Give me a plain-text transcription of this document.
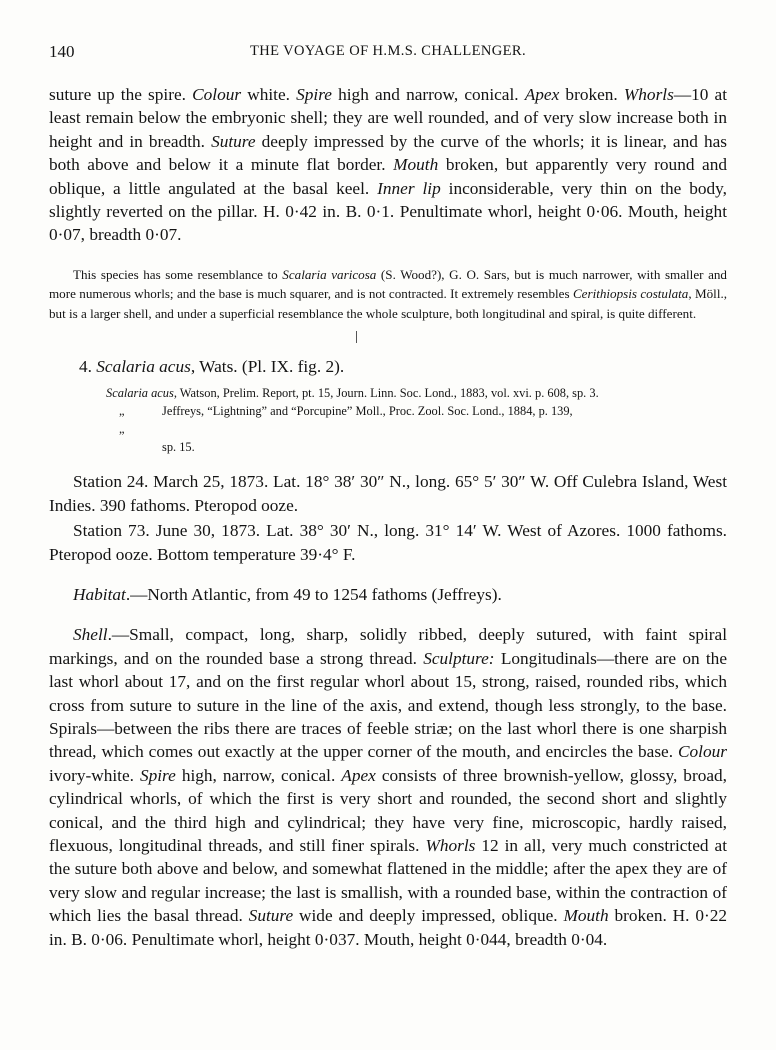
140	THE VOYAGE OF H.M.S. CHALLENGER.

suture up the spire. Colour white. Spire high and narrow, conical. Apex broken. Whorls—10 at least remain below the embryonic shell; they are well rounded, and of very slow increase both in height and in breadth. Suture deeply impressed by the curve of the whorls; it is linear, and has both above and below it a minute flat border. Mouth broken, but apparently very round and oblique, a little angulated at the basal keel. Inner lip inconsiderable, very thin on the body, slightly reverted on the pillar. H. 0·42 in. B. 0·1. Penultimate whorl, height 0·06. Mouth, height 0·07, breadth 0·07.

This species has some resemblance to Scalaria varicosa (S. Wood?), G. O. Sars, but is much narrower, with smaller and more numerous whorls; and the base is much squarer, and is not contracted. It extremely resembles Cerithiopsis costulata, Möll., but is a larger shell, and under a superficial resemblance the whole sculpture, both longitudinal and spiral, is quite different.

4. Scalaria acus, Wats. (Pl. IX. fig. 2).
Scalaria acus, Watson, Prelim. Report, pt. 15, Journ. Linn. Soc. Lond., 1883, vol. xvi. p. 608, sp. 3.
„„
Jeffreys, “Lightning” and “Porcupine” Moll., Proc. Zool. Soc. Lond., 1884, p. 139,
sp. 15.

Station 24. March 25, 1873. Lat. 18° 38′ 30″ N., long. 65° 5′ 30″ W. Off Culebra Island, West Indies. 390 fathoms. Pteropod ooze.

Station 73. June 30, 1873. Lat. 38° 30′ N., long. 31° 14′ W. West of Azores. 1000 fathoms. Pteropod ooze. Bottom temperature 39·4° F.

Habitat.—North Atlantic, from 49 to 1254 fathoms (Jeffreys).

Shell.—Small, compact, long, sharp, solidly ribbed, deeply sutured, with faint spiral markings, and on the rounded base a strong thread. Sculpture: Longitudinals—there are on the last whorl about 17, and on the first regular whorl about 15, strong, raised, rounded ribs, which cross from suture to suture in the line of the axis, and extend, though less strongly, to the base. Spirals—between the ribs there are traces of feeble striæ; on the last whorl there is one sharpish thread, which comes out exactly at the upper corner of the mouth, and encircles the base. Colour ivory-white. Spire high, narrow, conical. Apex consists of three brownish-yellow, glossy, broad, cylindrical whorls, of which the first is very short and rounded, the second short and slightly conical, and the third high and cylindrical; they have very fine, microscopic, hardly raised, flexuous, longitudinal threads, and still finer spirals. Whorls 12 in all, very much constricted at the suture both above and below, and somewhat flattened in the middle; after the apex they are of very slow and regular increase; the last is smallish, with a rounded base, within the contraction of which lies the basal thread. Suture wide and deeply impressed, oblique. Mouth broken. H. 0·22 in. B. 0·06. Penultimate whorl, height 0·037. Mouth, height 0·044, breadth 0·04.
